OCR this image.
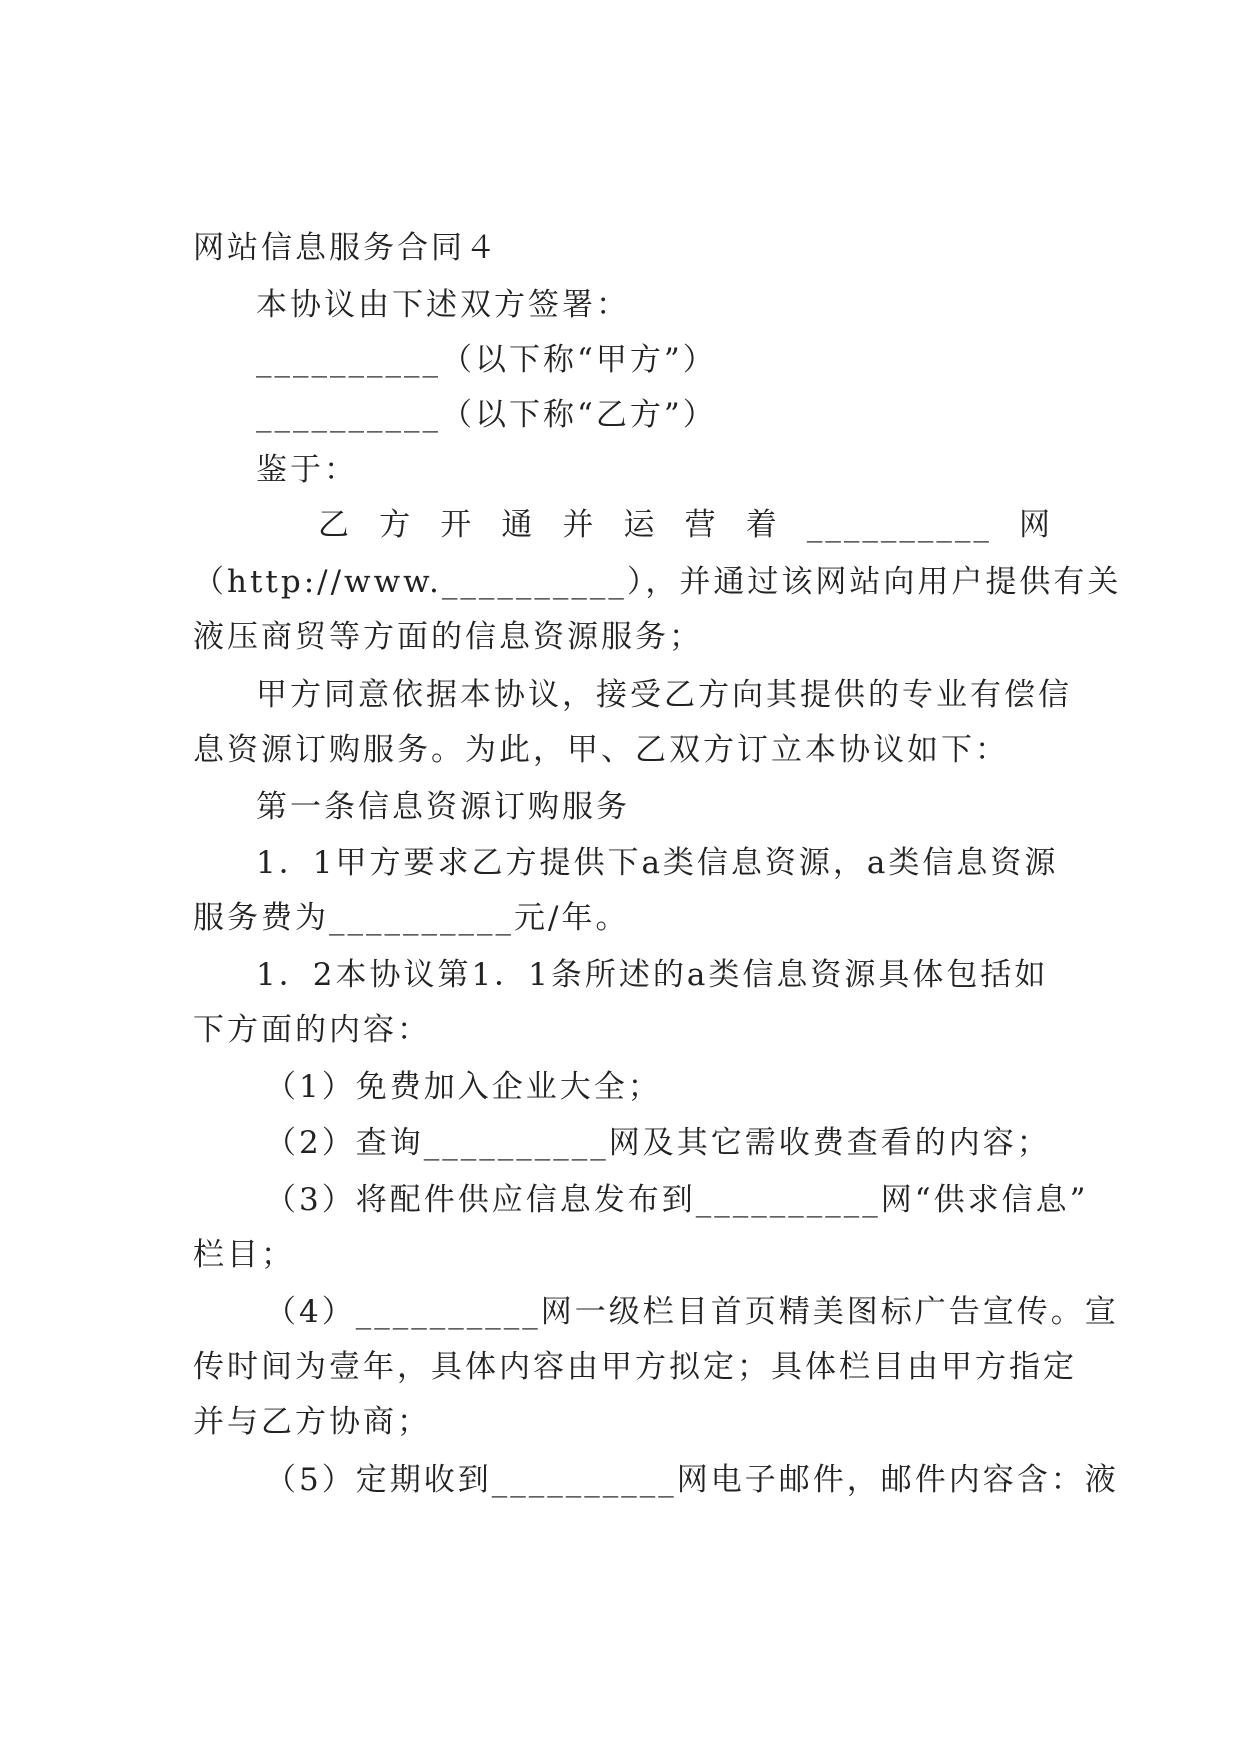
网站信息服务合同４
本协议由下述双方签署：
__________（以下称“甲方”）
__________（以下称“乙方”）
鉴于：
乙 方 开 通 并 运 营 着 __________ 网
（http://www.__________），并通过该网站向用户提供有关
液压商贸等方面的信息资源服务；
甲方同意依据本协议，接受乙方向其提供的专业有偿信
息资源订购服务。为此，甲、乙双方订立本协议如下：
第一条信息资源订购服务
1．1甲方要求乙方提供下a类信息资源，a类信息资源
服务费为__________元/年。
1．2本协议第1．1条所述的a类信息资源具体包括如
下方面的内容：
（1）免费加入企业大全；
（2）查询__________网及其它需收费查看的内容；
（3）将配件供应信息发布到__________网“供求信息”
栏目；
（4）__________网一级栏目首页精美图标广告宣传。宣
传时间为壹年，具体内容由甲方拟定；具体栏目由甲方指定
并与乙方协商；
（5）定期收到__________网电子邮件，邮件内容含：液
